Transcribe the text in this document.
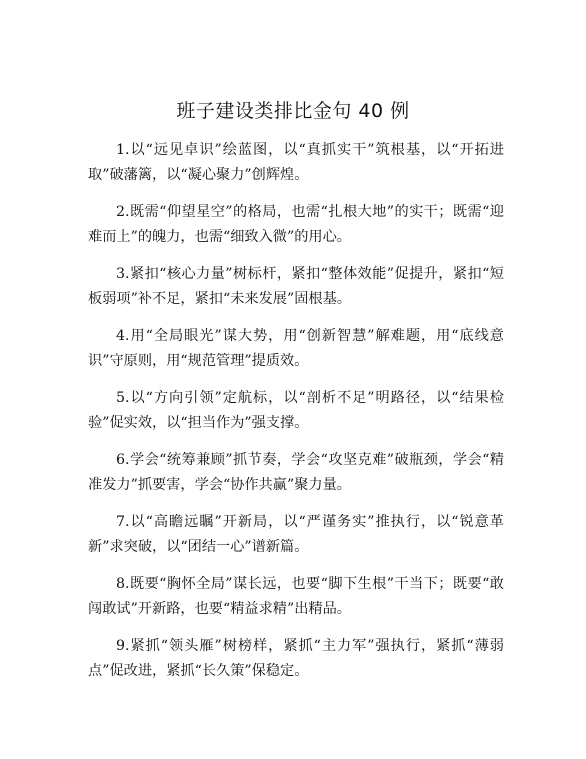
班子建设类排比金句 40 例

1.以“远见卓识”绘蓝图，以“真抓实干”筑根基，以“开拓进取”破藩篱，以“凝心聚力”创辉煌。

2.既需“仰望星空”的格局，也需“扎根大地”的实干；既需“迎难而上”的魄力，也需“细致入微”的用心。

3.紧扣“核心力量”树标杆，紧扣“整体效能”促提升，紧扣“短板弱项”补不足，紧扣“未来发展”固根基。

4.用“全局眼光”谋大势，用“创新智慧”解难题，用“底线意识”守原则，用“规范管理”提质效。

5.以“方向引领”定航标，以“剖析不足”明路径，以“结果检验”促实效，以“担当作为”强支撑。

6.学会“统筹兼顾”抓节奏，学会“攻坚克难”破瓶颈，学会“精准发力”抓要害，学会“协作共赢”聚力量。

7.以“高瞻远瞩”开新局，以“严谨务实”推执行，以“锐意革新”求突破，以“团结一心”谱新篇。

8.既要“胸怀全局”谋长远，也要“脚下生根”干当下；既要“敢闯敢试”开新路，也要“精益求精”出精品。

9.紧抓“领头雁”树榜样，紧抓“主力军”强执行，紧抓“薄弱点”促改进，紧抓“长久策”保稳定。
